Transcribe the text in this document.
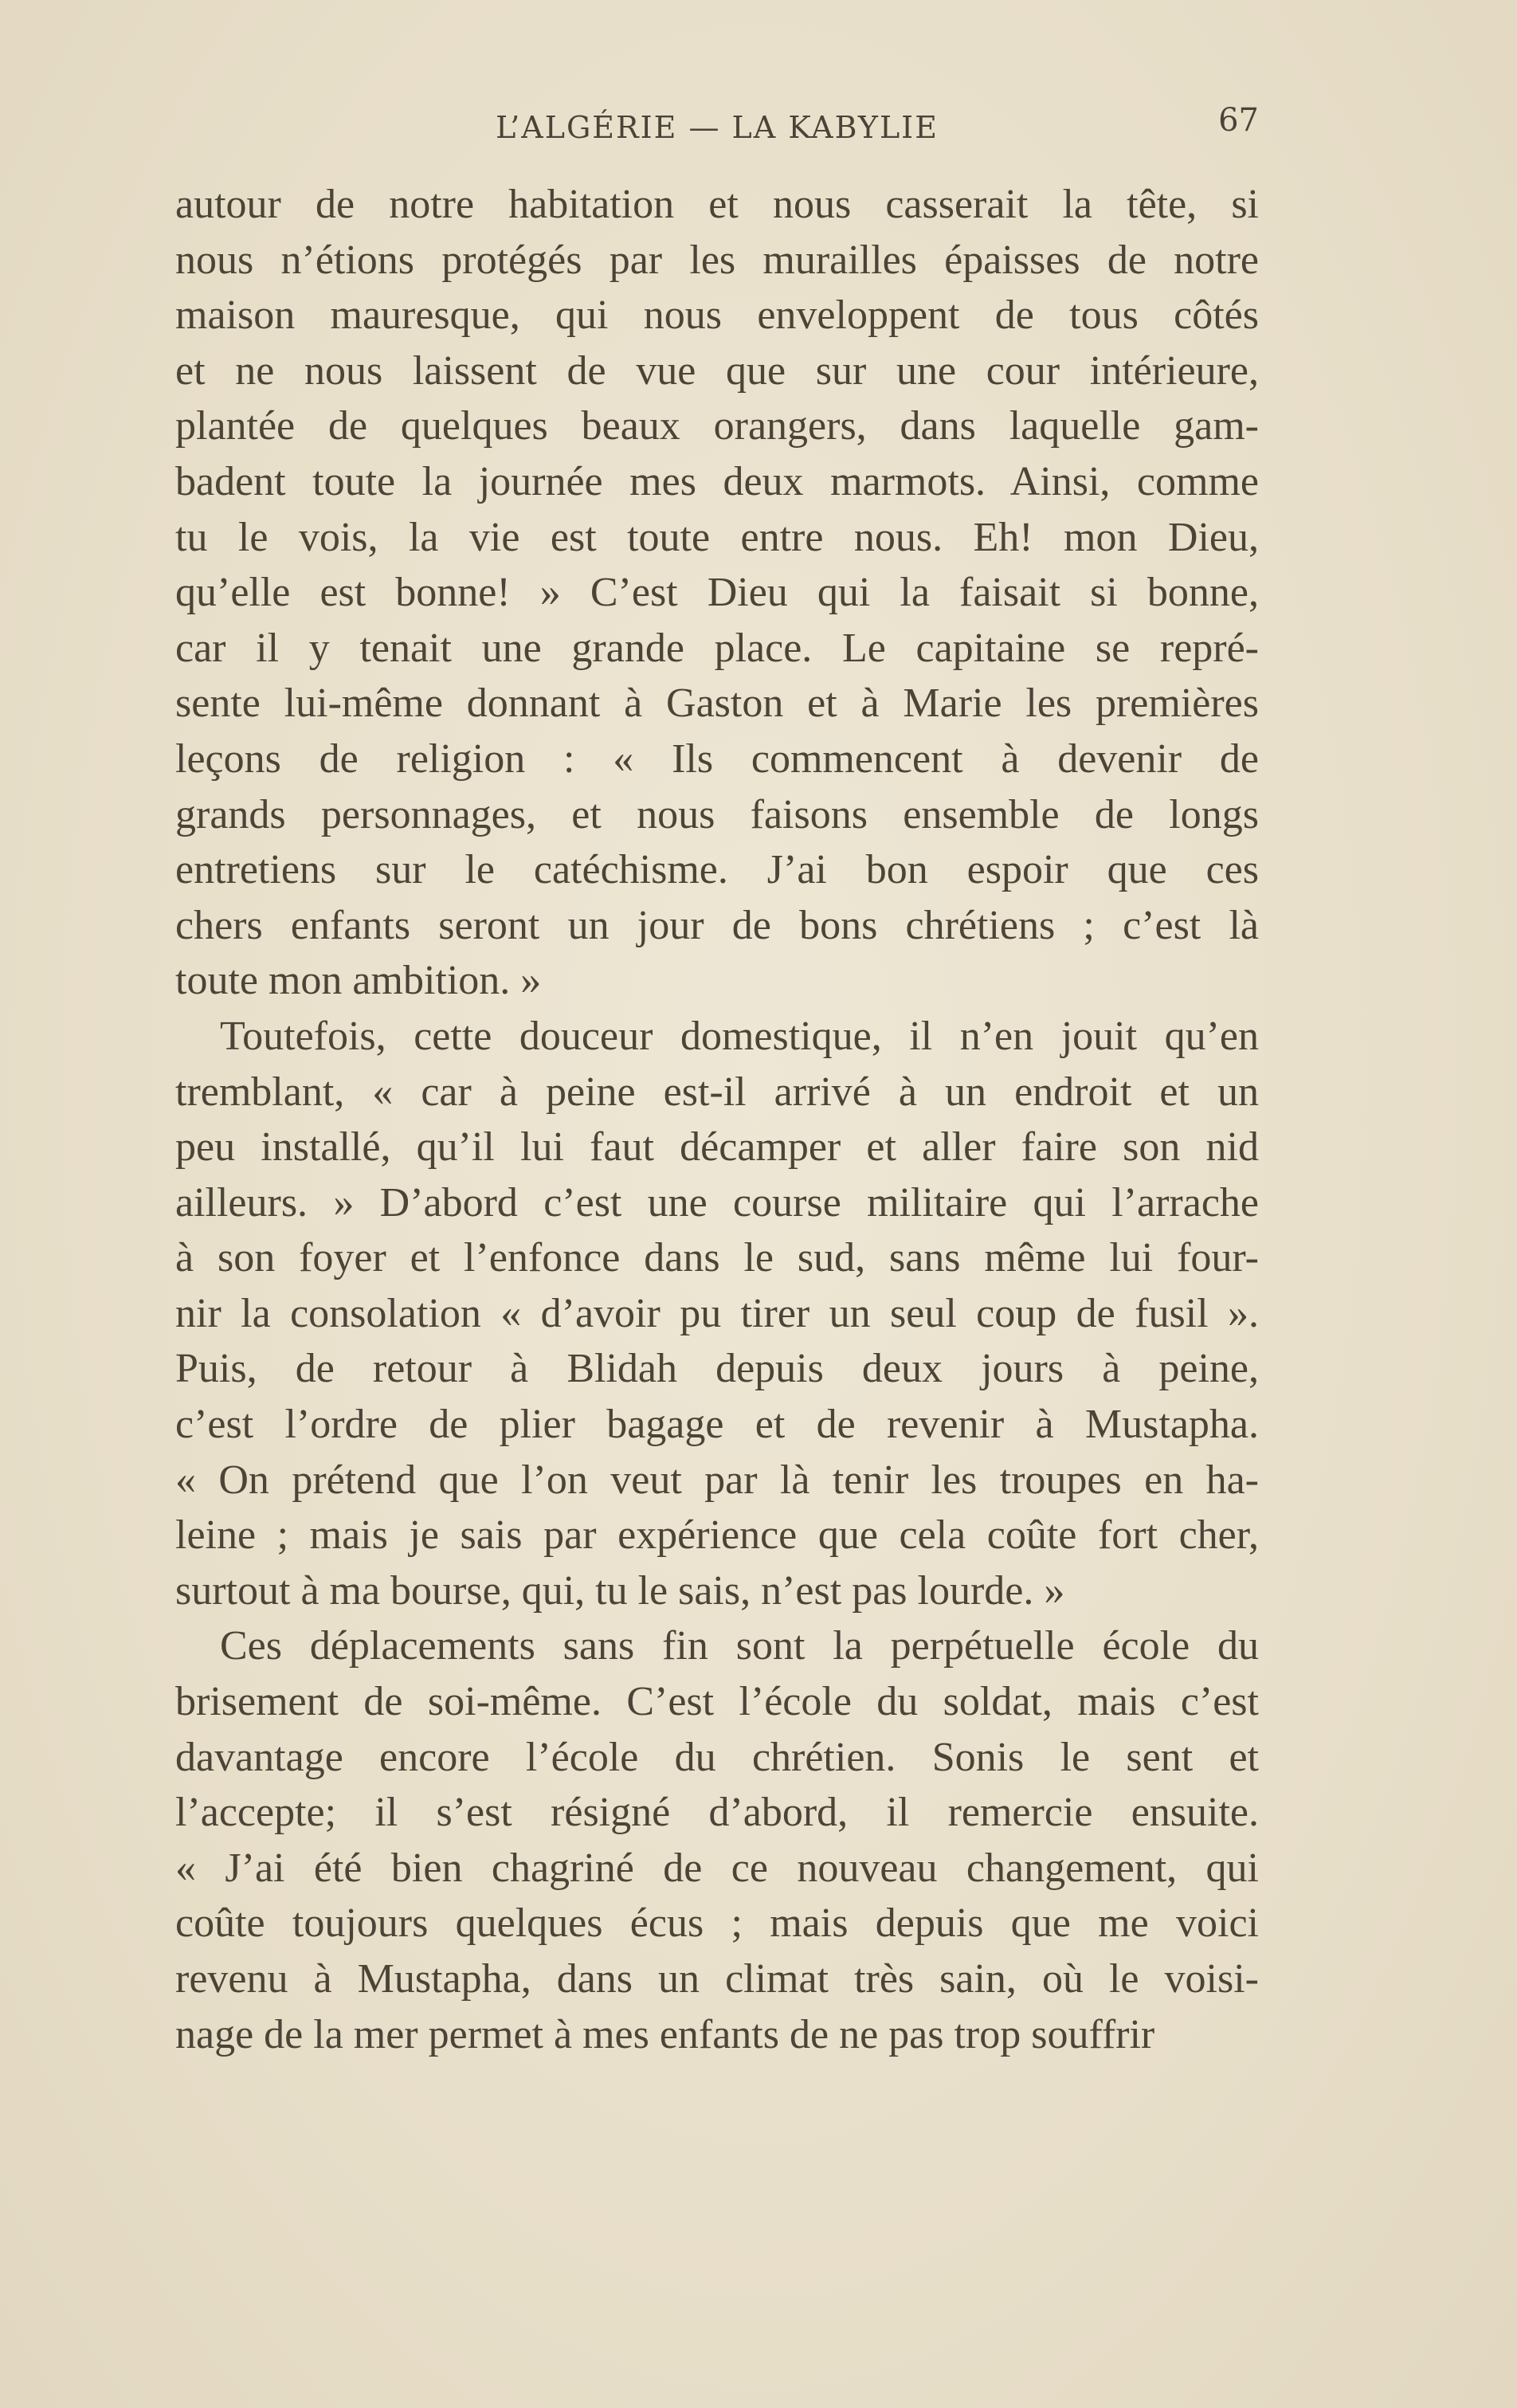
L’ALGÉRIE — LA KABYLIE	67
autour de notre habitation et nous casserait la tête, si
nous n’étions protégés par les murailles épaisses de notre
maison mauresque, qui nous enveloppent de tous côtés
et ne nous laissent de vue que sur une cour intérieure,
plantée de quelques beaux orangers, dans laquelle gam-
badent toute la journée mes deux marmots. Ainsi, comme
tu le vois, la vie est toute entre nous. Eh! mon Dieu,
qu’elle est bonne! » C’est Dieu qui la faisait si bonne,
car il y tenait une grande place. Le capitaine se repré-
sente lui-même donnant à Gaston et à Marie les premières
leçons de religion : « Ils commencent à devenir de
grands personnages, et nous faisons ensemble de longs
entretiens sur le catéchisme. J’ai bon espoir que ces
chers enfants seront un jour de bons chrétiens ; c’est là
toute mon ambition. »
Toutefois, cette douceur domestique, il n’en jouit qu’en
tremblant, « car à peine est-il arrivé à un endroit et un
peu installé, qu’il lui faut décamper et aller faire son nid
ailleurs. » D’abord c’est une course militaire qui l’arrache
à son foyer et l’enfonce dans le sud, sans même lui four-
nir la consolation « d’avoir pu tirer un seul coup de fusil ».
Puis, de retour à Blidah depuis deux jours à peine,
c’est l’ordre de plier bagage et de revenir à Mustapha.
« On prétend que l’on veut par là tenir les troupes en ha-
leine ; mais je sais par expérience que cela coûte fort cher,
surtout à ma bourse, qui, tu le sais, n’est pas lourde. »
Ces déplacements sans fin sont la perpétuelle école du
brisement de soi-même. C’est l’école du soldat, mais c’est
davantage encore l’école du chrétien. Sonis le sent et
l’accepte; il s’est résigné d’abord, il remercie ensuite.
« J’ai été bien chagriné de ce nouveau changement, qui
coûte toujours quelques écus ; mais depuis que me voici
revenu à Mustapha, dans un climat très sain, où le voisi-
nage de la mer permet à mes enfants de ne pas trop souffrir
